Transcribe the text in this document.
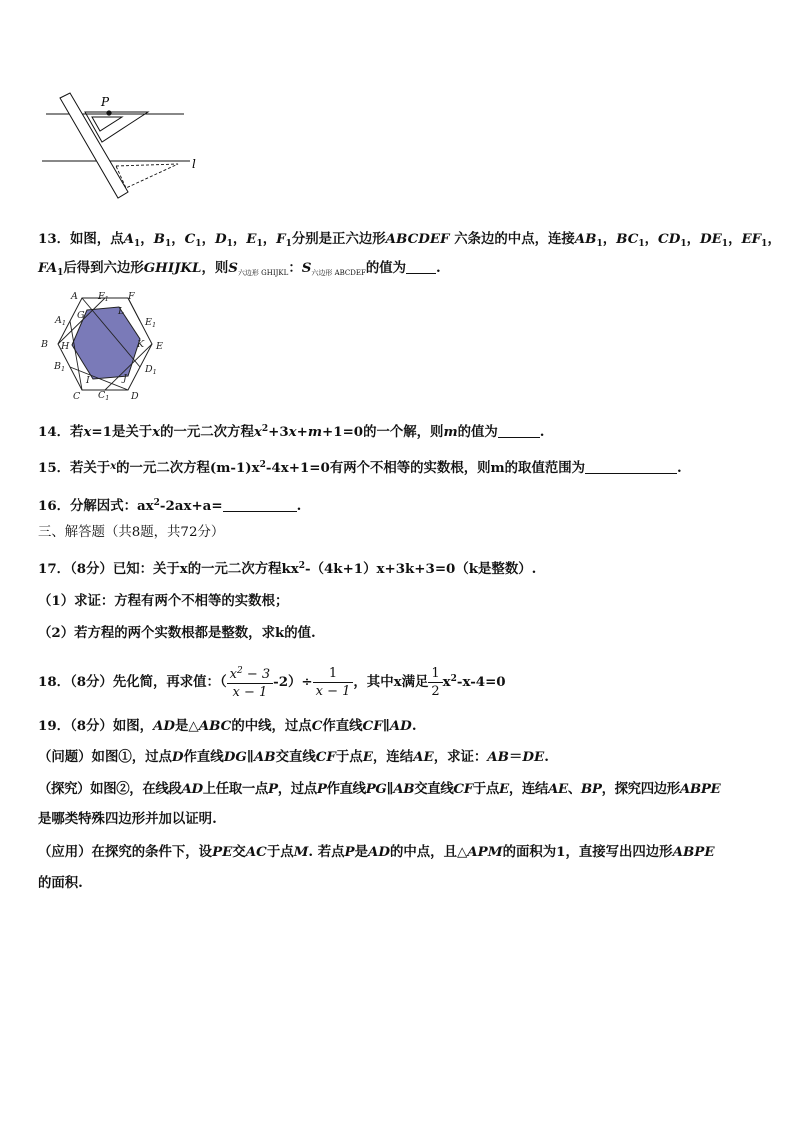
P
l
13．如图，点$A_1$，$B_1$，$C_1$，$D_1$，$E_1$，$F_1$分别是正六边形ABCDEF 六条边的中点，连接$AB_1$，$BC_1$，$CD_1$，$DE_1$，$EF_1$，
$FA_1$后得到六边形GHIJKL，则$S_{六边形 GHIJKL}$：$S_{六边形 ABCDEF}$的值为 .
A $F_1$ F
$A_1$
G	L
$E_1$
B H	K E
$B_1$	$D_1$
I	J
C $C_1$ D
14．若x=1是关于x的一元二次方程$x^2+3x+m+1=0$的一个解，则m的值为	.
15．若关于$^x$的一元二次方程$(m-1)x^2-4x+1=0$有两个不相等的实数根，则m的取值范围为	.
16．分解因式：$ax^2-2ax+a=$	.
三、解答题（共8题，共72分）
17．（8分）已知：关于x的一元二次方程$kx^2-(4k+1)x+3k+3=0(k$是整数）.
（1）求证：方程有两个不相等的实数根；
（2）若方程的两个实数根都是整数，求k的值.
18．（8分）先化简，再求值：（ $\frac{x^2 - 3}{x - 1} -2)\div \frac{1}{x - 1}$ ，其中x满足 $\frac{1}{2} x^2-x-4=0$
19．（8分）如图，AD是△ABC的中线，过点C作直线CF∥AD.
（问题）如图①，过点D作直线DG∥AB交直线CF于点E，连结AE，求证：AB＝DE.
（探究）如图②，在线段AD上任取一点P，过点P作直线PG∥AB交直线CF于点E，连结AE、BP，探究四边形ABPE
是哪类特殊四边形并加以证明.
（应用）在探究的条件下，设PE交AC于点M. 若点P是AD的中点，且△APM的面积为1，直接写出四边形ABPE
的面积.
